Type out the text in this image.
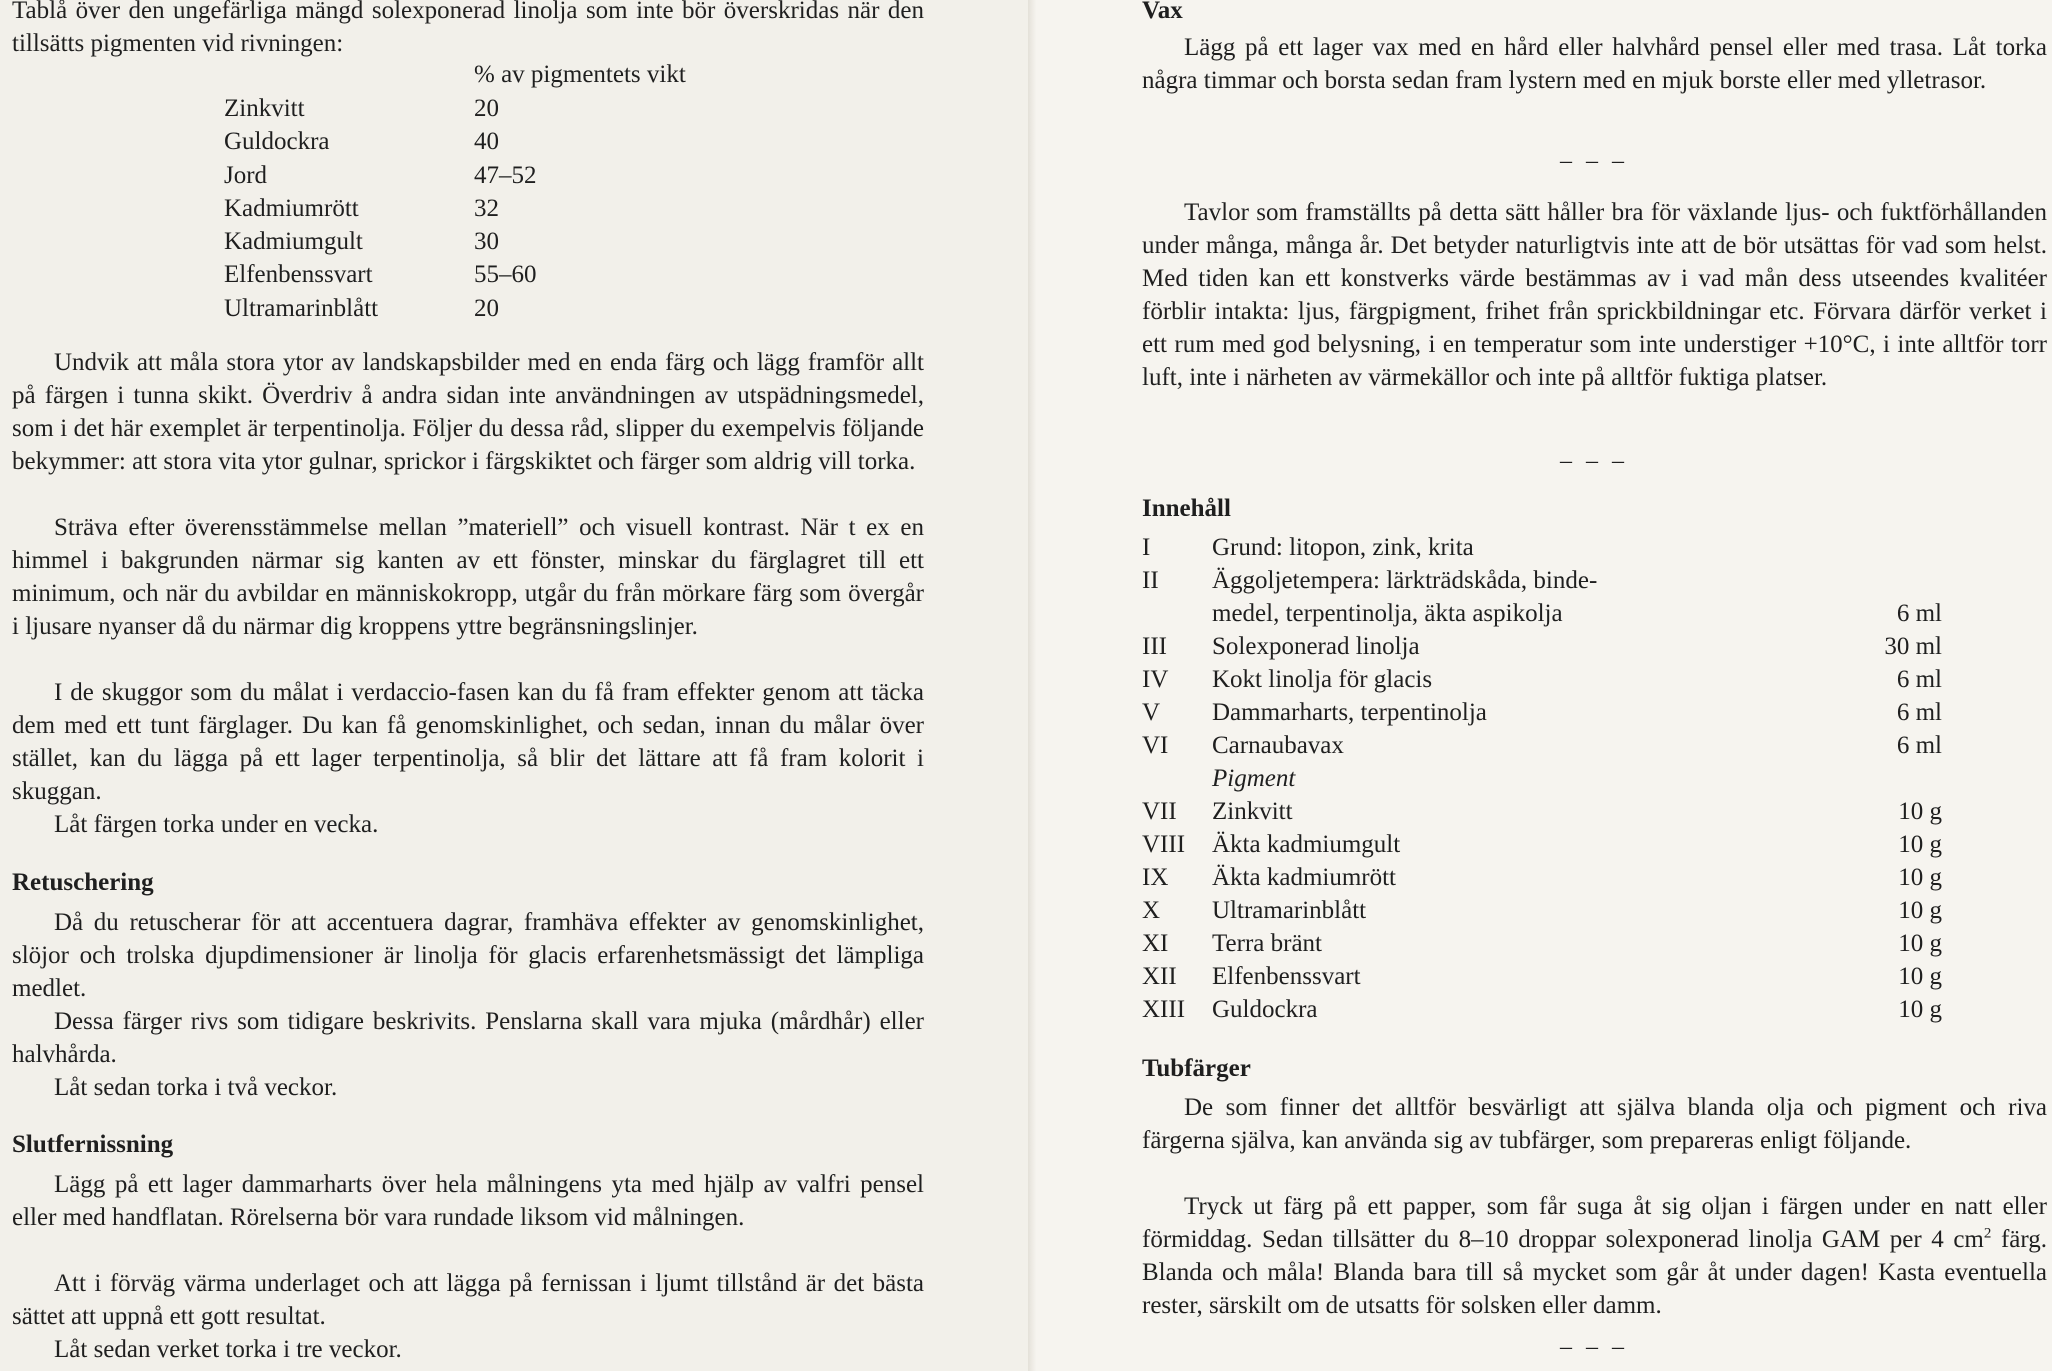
Tablå över den ungefärliga mängd solexponerad linolja som inte bör överskridas när den tillsätts pigmenten vid rivningen:

% av pigmentets vikt
Zinkvitt	20
Guldockra	40
Jord	47–52
Kadmiumrött	32
Kadmiumgult	30
Elfenbenssvart	55–60
Ultramarinblått	20

Undvik att måla stora ytor av landskapsbilder med en enda färg och lägg framför allt på färgen i tunna skikt. Överdriv å andra sidan inte användningen av utspädningsmedel, som i det här exemplet är terpentinolja. Följer du dessa råd, slipper du exempelvis följande bekymmer: att stora vita ytor gulnar, sprickor i färgskiktet och färger som aldrig vill torka.

Sträva efter överensstämmelse mellan ”materiell” och visuell kontrast. När t ex en himmel i bakgrunden närmar sig kanten av ett fönster, minskar du färglagret till ett minimum, och när du avbildar en människokropp, utgår du från mörkare färg som övergår i ljusare nyanser då du närmar dig kroppens yttre begränsningslinjer.

I de skuggor som du målat i verdaccio-fasen kan du få fram effekter genom att täcka dem med ett tunt färglager. Du kan få genomskinlighet, och sedan, innan du målar över stället, kan du lägga på ett lager terpentinolja, så blir det lättare att få fram kolorit i skuggan.

Låt färgen torka under en vecka.

Retuschering

Då du retuscherar för att accentuera dagrar, framhäva effekter av genomskinlighet, slöjor och trolska djupdimensioner är linolja för glacis erfarenhetsmässigt det lämpliga medlet.

Dessa färger rivs som tidigare beskrivits. Penslarna skall vara mjuka (mårdhår) eller halvhårda.

Låt sedan torka i två veckor.

Slutfernissning

Lägg på ett lager dammarharts över hela målningens yta med hjälp av valfri pensel eller med handflatan. Rörelserna bör vara rundade liksom vid målningen.

Att i förväg värma underlaget och att lägga på fernissan i ljumt tillstånd är det bästa sättet att uppnå ett gott resultat.

Låt sedan verket torka i tre veckor.

Vax

Lägg på ett lager vax med en hård eller halvhård pensel eller med trasa. Låt torka några timmar och borsta sedan fram lystern med en mjuk borste eller med ylletrasor.

– – –

Tavlor som framställts på detta sätt håller bra för växlande ljus- och fuktförhållanden under många, många år. Det betyder naturligtvis inte att de bör utsättas för vad som helst. Med tiden kan ett konstverks värde bestämmas av i vad mån dess utseendes kvalitéer förblir intakta: ljus, färgpigment, frihet från sprickbildningar etc. Förvara därför verket i ett rum med god belysning, i en temperatur som inte understiger +10°C, i inte alltför torr luft, inte i närheten av värmekällor och inte på alltför fuktiga platser.

– – –
Innehåll
I	Grund: litopon, zink, krita
II	Äggoljetempera: lärkträdskåda, binde-
medel, terpentinolja, äkta aspikolja	6 ml
III	Solexponerad linolja	30 ml
IV	Kokt linolja för glacis	6 ml
V	Dammarharts, terpentinolja	6 ml
VI	Carnaubavax	6 ml
Pigment
VII	Zinkvitt	10 g
VIII	Äkta kadmiumgult	10 g
IX	Äkta kadmiumrött	10 g
X	Ultramarinblått	10 g
XI	Terra bränt	10 g
XII	Elfenbenssvart	10 g
XIII	Guldockra	10 g
Tubfärger

De som finner det alltför besvärligt att själva blanda olja och pigment och riva färgerna själva, kan använda sig av tubfärger, som prepareras enligt följande.

Tryck ut färg på ett papper, som får suga åt sig oljan i färgen under en natt eller förmiddag. Sedan tillsätter du 8–10 droppar solexponerad linolja GAM per 4 $cm^2$ färg. Blanda och måla! Blanda bara till så mycket som går åt under dagen! Kasta eventuella rester, särskilt om de utsatts för solsken eller damm.

– – –
